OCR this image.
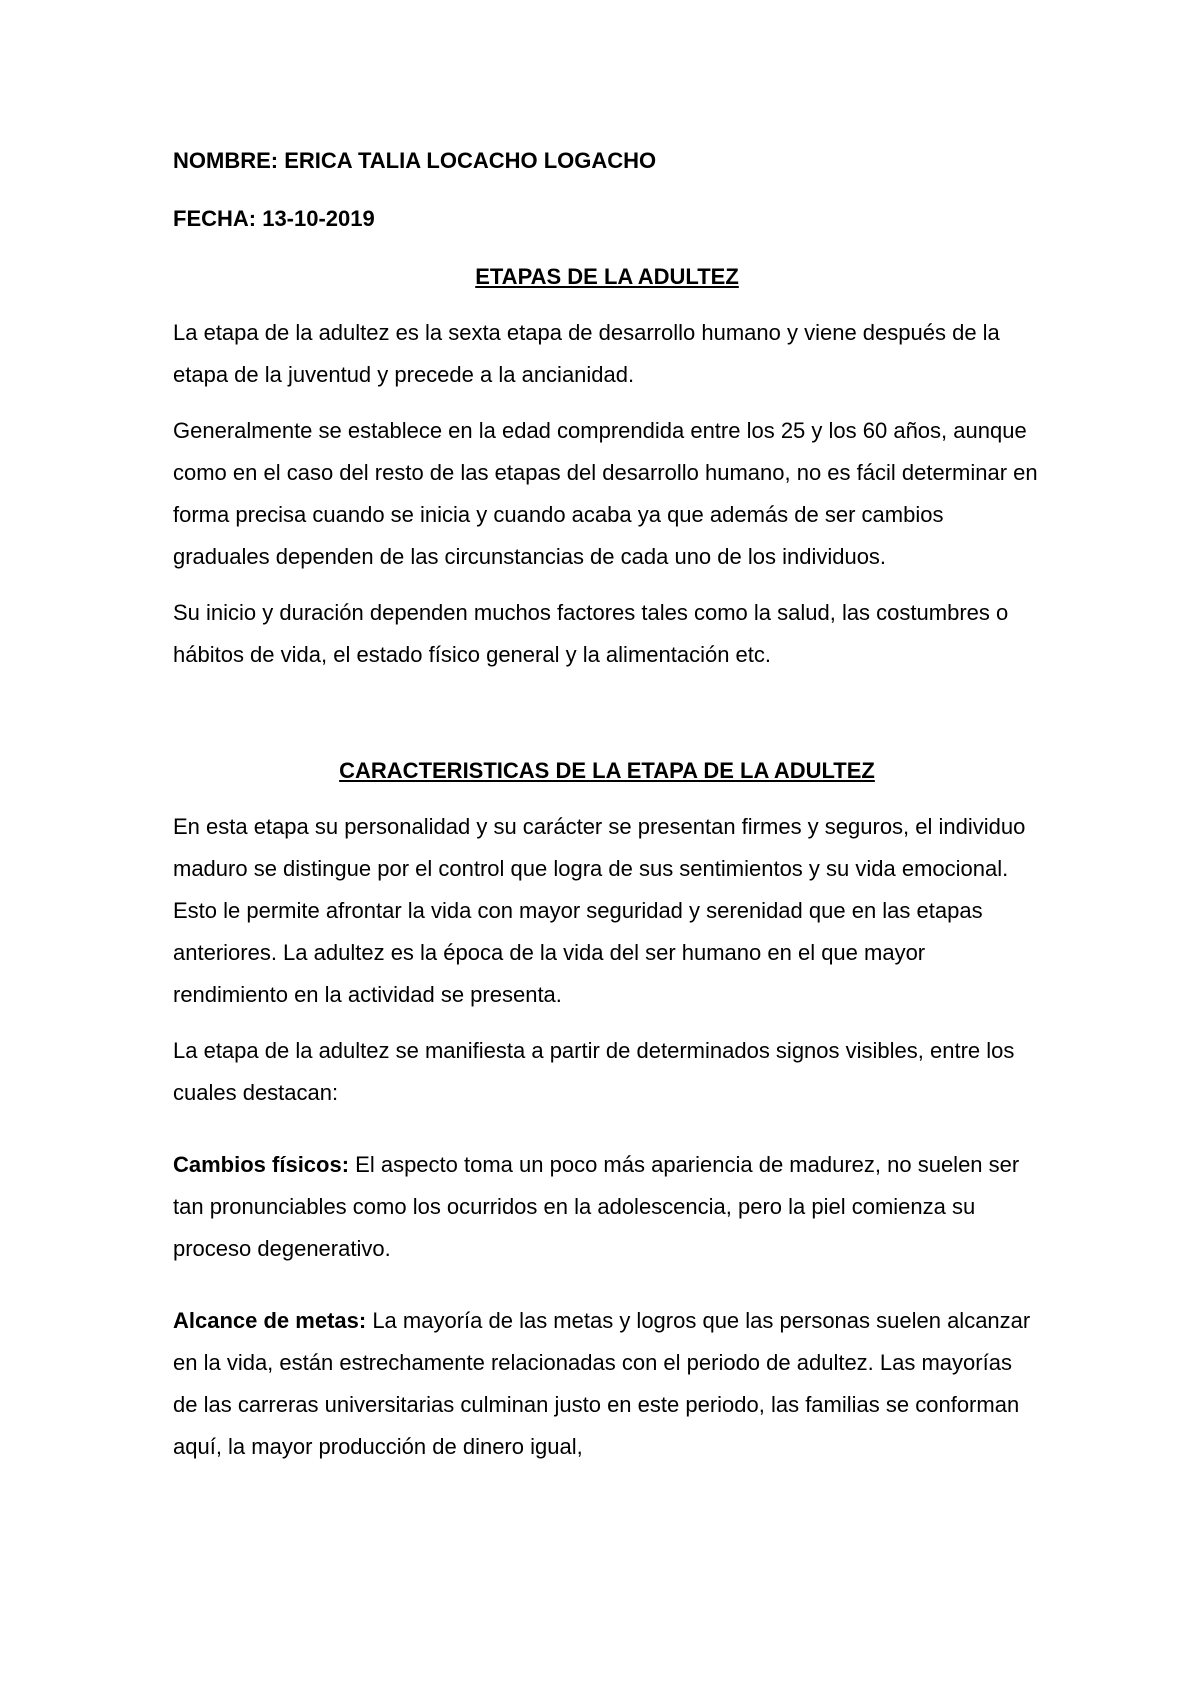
NOMBRE: ERICA TALIA LOCACHO LOGACHO

FECHA: 13-10-2019

ETAPAS DE LA ADULTEZ

La etapa de la adultez es la sexta etapa de desarrollo humano y viene después de la etapa de la juventud y precede a la ancianidad.

Generalmente se establece en la edad comprendida entre los 25 y los 60 años, aunque como en el caso del resto de las etapas del desarrollo humano, no es fácil determinar en forma precisa cuando se inicia y cuando acaba ya que además de ser cambios graduales dependen de las circunstancias de cada uno de los individuos.

Su inicio y duración dependen muchos factores tales como la salud, las costumbres o hábitos de vida, el estado físico general y la alimentación etc.

CARACTERISTICAS DE LA ETAPA DE LA ADULTEZ

En esta etapa su personalidad y su carácter se presentan firmes y seguros, el individuo maduro se distingue por el control que logra de sus sentimientos y su vida emocional. Esto le permite afrontar la vida con mayor seguridad y serenidad que en las etapas anteriores. La adultez es la época de la vida del ser humano en el que mayor rendimiento en la actividad se presenta.

La etapa de la adultez se manifiesta a partir de determinados signos visibles, entre los cuales destacan:

Cambios físicos: El aspecto toma un poco más apariencia de madurez, no suelen ser tan pronunciables como los ocurridos en la adolescencia, pero la piel comienza su proceso degenerativo.

Alcance de metas: La mayoría de las metas y logros que las personas suelen alcanzar en la vida, están estrechamente relacionadas con el periodo de adultez. Las mayorías de las carreras universitarias culminan justo en este periodo, las familias se conforman aquí, la mayor producción de dinero igual,
